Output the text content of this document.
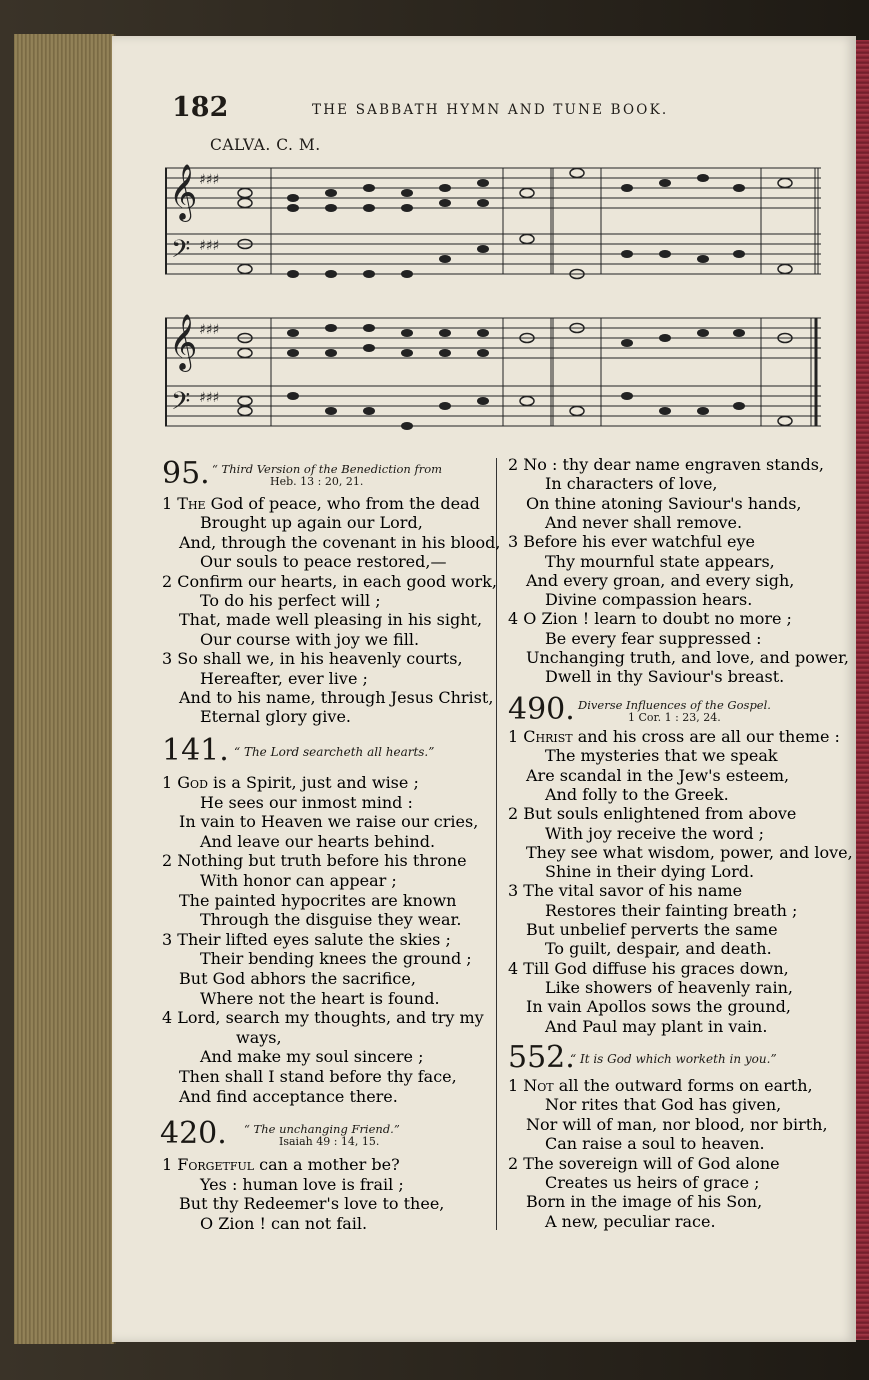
182	THE SABBATH HYMN AND TUNE BOOK.
CALVA. C. M.
𝄞
𝄢
♯♯♯
♯♯♯
𝄞
𝄢
♯♯♯
♯♯♯
95. “ Third Version of the Benediction from
Heb. 13 : 20, 21.
1 The God of peace, who from the dead
Brought up again our Lord,
And, through the covenant in his blood,
Our souls to peace restored,—
2 Confirm our hearts, in each good work,
To do his perfect will ;
That, made well pleasing in his sight,
Our course with joy we fill.
3 So shall we, in his heavenly courts,
Hereafter, ever live ;
And to his name, through Jesus Christ,
Eternal glory give.
141. “ The Lord searcheth all hearts.”
1 God is a Spirit, just and wise ;
He sees our inmost mind :
In vain to Heaven we raise our cries,
And leave our hearts behind.
2 Nothing but truth before his throne
With honor can appear ;
The painted hypocrites are known
Through the disguise they wear.
3 Their lifted eyes salute the skies ;
Their bending knees the ground ;
But God abhors the sacrifice,
Where not the heart is found.
4 Lord, search my thoughts, and try my
ways,
And make my soul sincere ;
Then shall I stand before thy face,
And find acceptance there.
420. “ The unchanging Friend.”
Isaiah 49 : 14, 15.
1 Forgetful can a mother be?
Yes : human love is frail ;
But thy Redeemer's love to thee,
O Zion ! can not fail.
2 No : thy dear name engraven stands,
In characters of love,
On thine atoning Saviour's hands,
And never shall remove.
3 Before his ever watchful eye
Thy mournful state appears,
And every groan, and every sigh,
Divine compassion hears.
4 O Zion ! learn to doubt no more ;
Be every fear suppressed :
Unchanging truth, and love, and power,
Dwell in thy Saviour's breast.
490. Diverse Influences of the Gospel.
1 Cor. 1 : 23, 24.
1 Christ and his cross are all our theme :
The mysteries that we speak
Are scandal in the Jew's esteem,
And folly to the Greek.
2 But souls enlightened from above
With joy receive the word ;
They see what wisdom, power, and love,
Shine in their dying Lord.
3 The vital savor of his name
Restores their fainting breath ;
But unbelief perverts the same
To guilt, despair, and death.
4 Till God diffuse his graces down,
Like showers of heavenly rain,
In vain Apollos sows the ground,
And Paul may plant in vain.
552.
“ It is God which worketh in you.”
1 Not all the outward forms on earth,
Nor rites that God has given,
Nor will of man, nor blood, nor birth,
Can raise a soul to heaven.
2 The sovereign will of God alone
Creates us heirs of grace ;
Born in the image of his Son,
A new, peculiar race.
